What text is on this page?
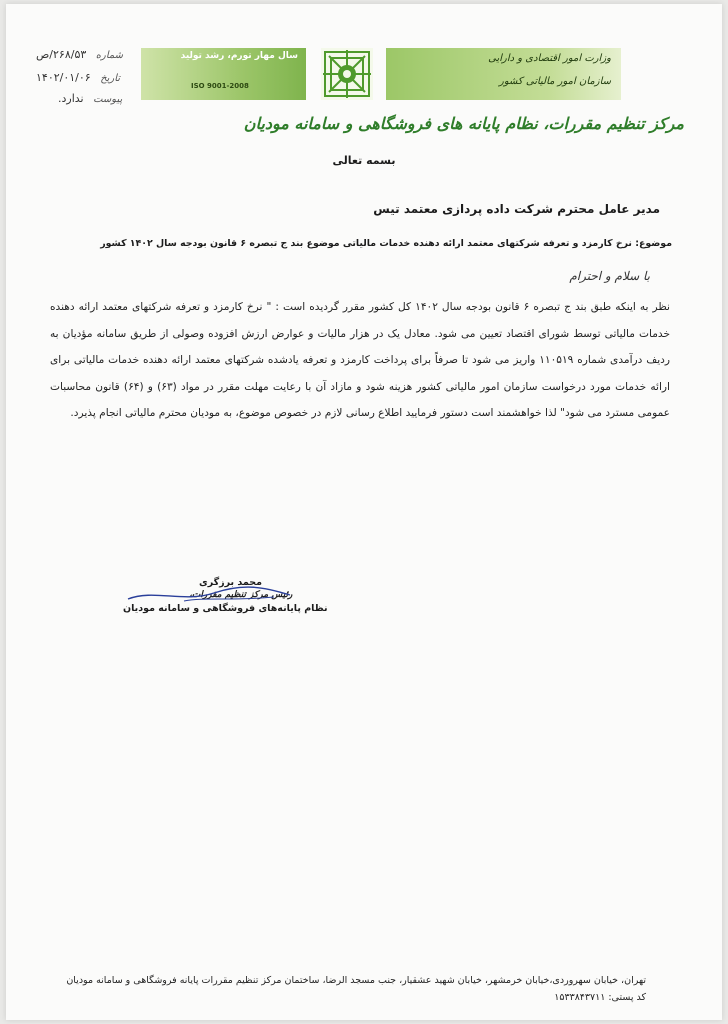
شماره ۲۶۸/۵۳/ص
تاریخ ۱۴۰۲/۰۱/۰۶
پیوست ندارد.
سال مهار تورم، رشد تولید
ISO 9001-2008
وزارت امور اقتصادی و دارایی
سازمان امور مالیاتی کشور
مرکز تنظیم مقررات، نظام پایانه های فروشگاهی و سامانه مودیان
بسمه تعالی
مدیر عامل محترم شرکت داده پردازی معتمد تیس
موضوع: نرخ کارمزد و تعرفه شرکتهای معتمد ارائه دهنده خدمات مالیاتی موضوع بند ج تبصره ۶ قانون بودجه سال ۱۴۰۲ کشور
با سلام و احترام
نظر به اینکه طبق بند ج تبصره ۶ قانون بودجه سال ۱۴۰۲ کل کشور مقرر گردیده است : " نرخ کارمزد و تعرفه شرکتهای معتمد ارائه دهنده خدمات مالیاتی توسط شورای اقتصاد تعیین می شود. معادل یک در هزار مالیات و عوارض ارزش افزوده وصولی از طریق سامانه مؤدیان به ردیف درآمدی شماره ۱۱۰۵۱۹ واریز می شود تا صرفاً برای پرداخت کارمزد و تعرفه یادشده شرکتهای معتمد ارائه دهنده خدمات مالیاتی برای ارائه خدمات مورد درخواست سازمان امور مالیاتی کشور هزینه شود و مازاد آن با رعایت مهلت مقرر در مواد (۶۳) و (۶۴) قانون محاسبات عمومی مسترد می شود" لذا خواهشمند است دستور فرمایید اطلاع رسانی لازم در خصوص موضوع، به مودیان محترم مالیاتی انجام پذیرد.
محمد برزگری
رئیس مرکز تنظیم مقررات،
نظام پایانه‌های فروشگاهی و سامانه مودیان
تهران، خیابان سهروردی،خیابان خرمشهر، خیابان شهید عشقیار، جنب مسجد الرضا، ساختمان مرکز تنظیم مقررات پایانه فروشگاهی و سامانه مودیان
کد پستی: ۱۵۳۳۸۴۳۷۱۱
